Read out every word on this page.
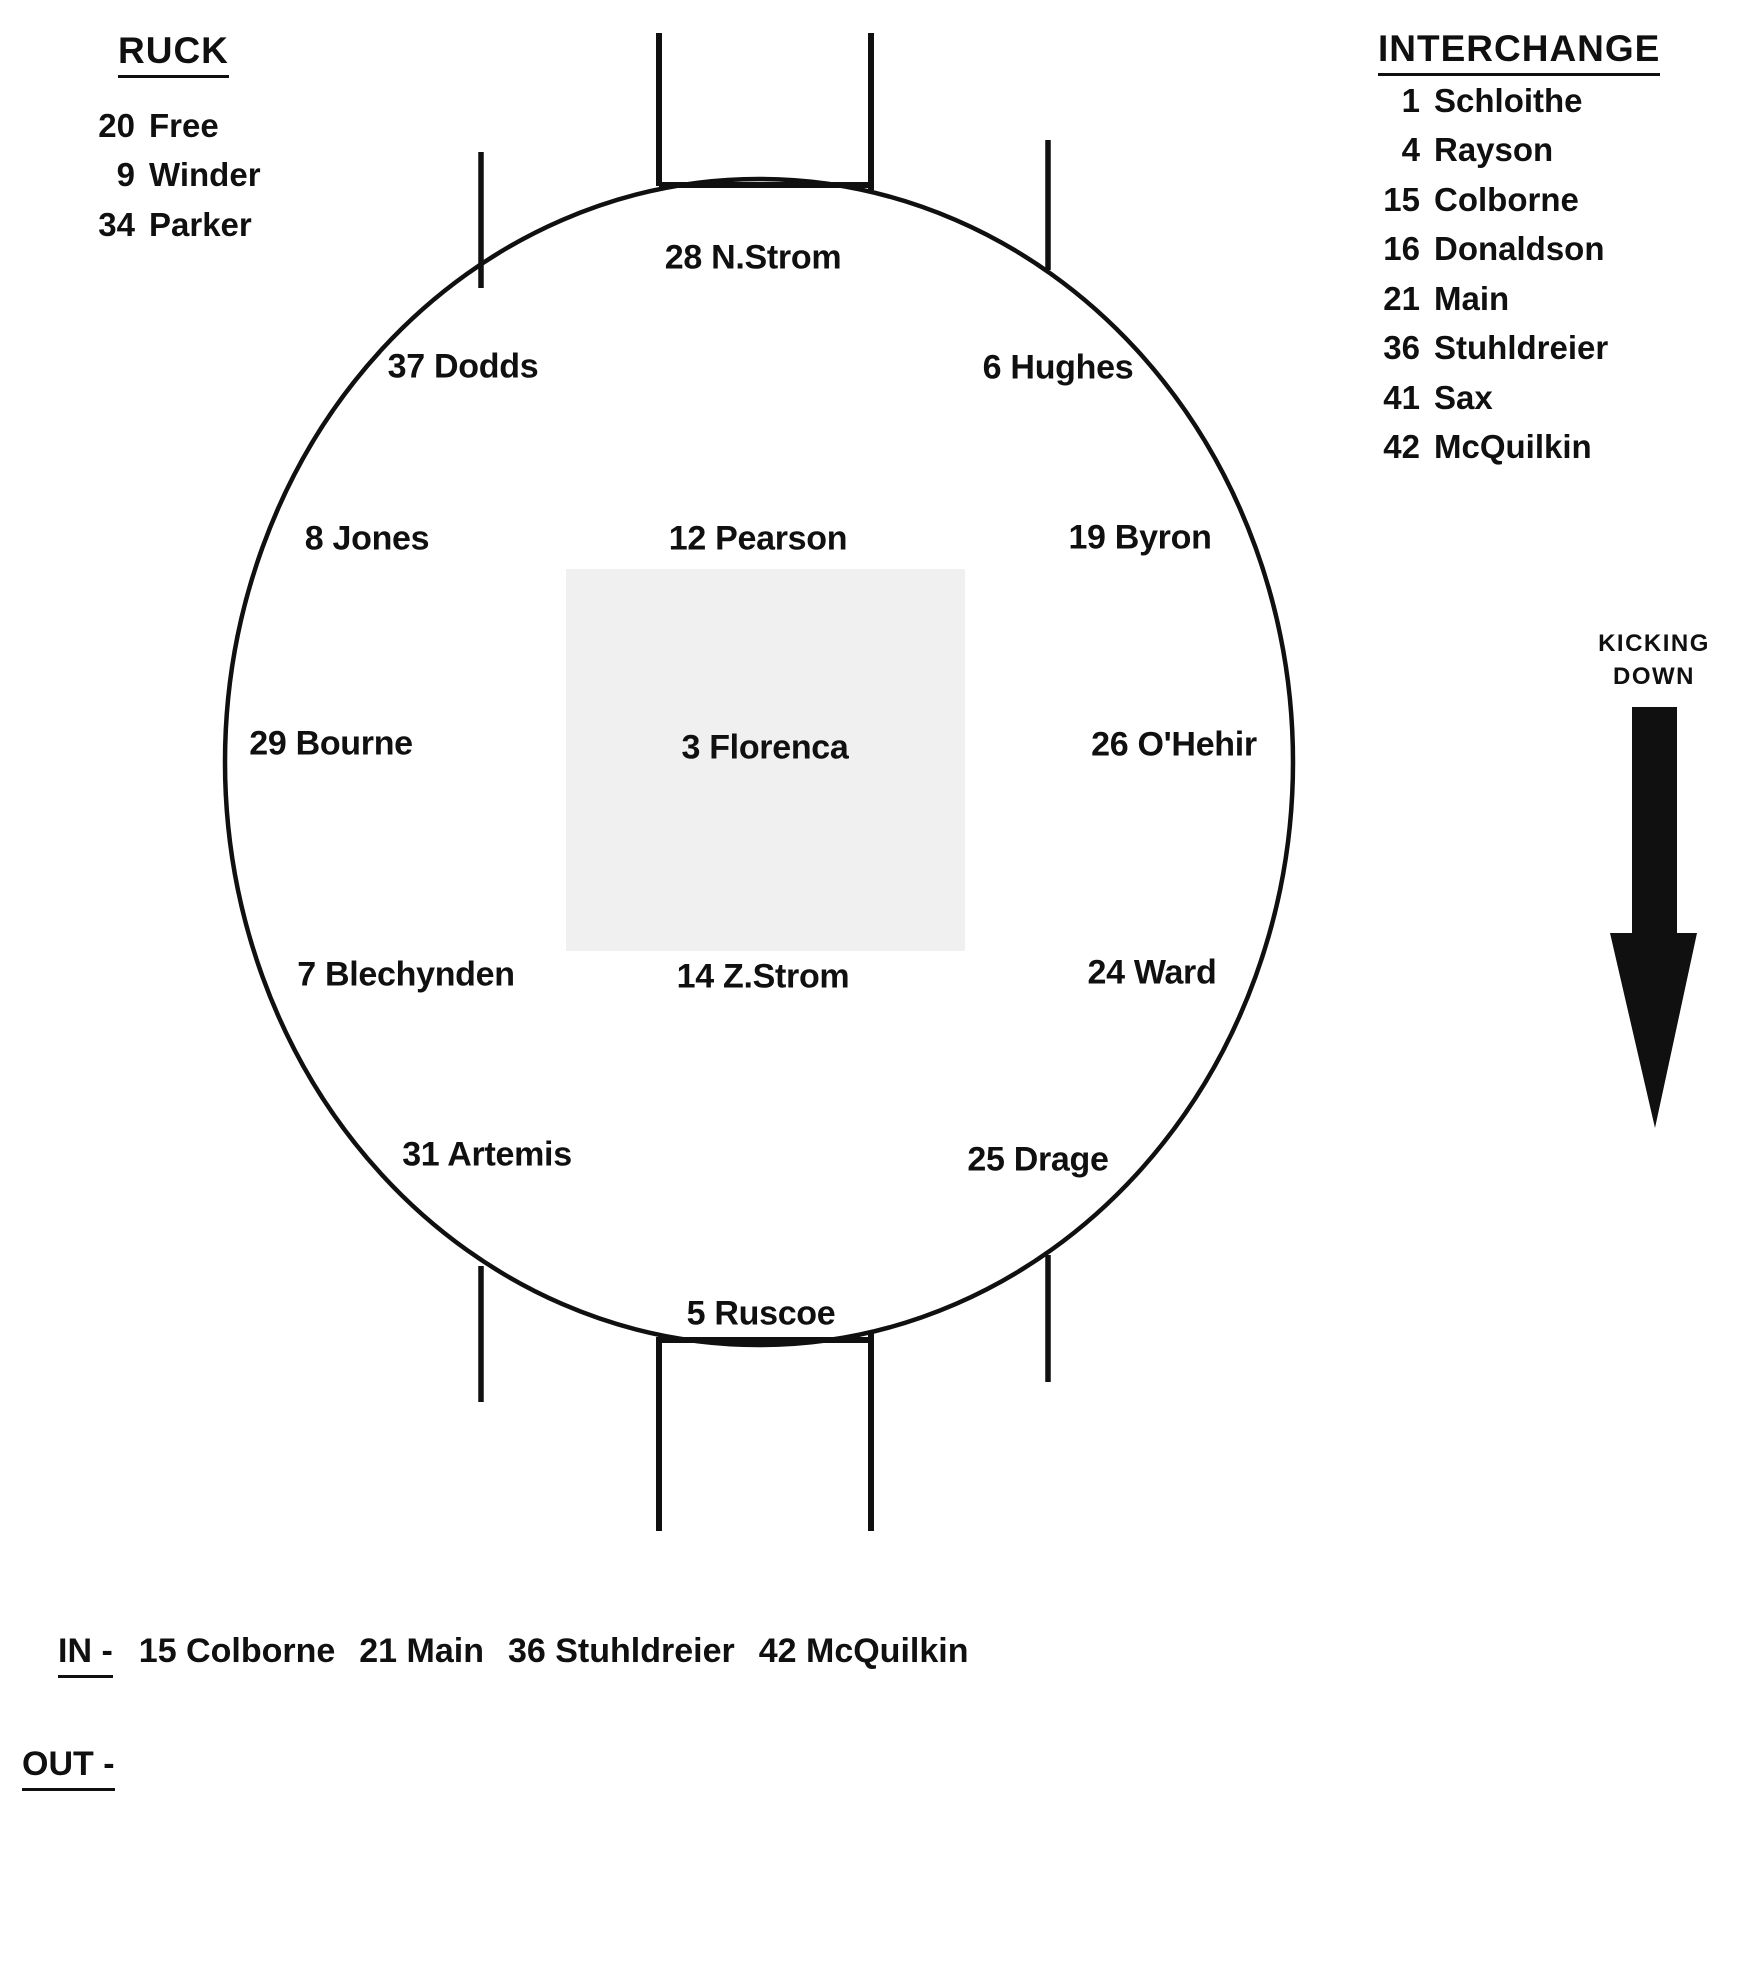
RUCK
20 Free
9 Winder
34 Parker
INTERCHANGE
1 Schloithe
4 Rayson
15 Colborne
16 Donaldson
21 Main
36 Stuhldreier
41 Sax
42 McQuilkin
28 N.Strom
37 Dodds	6 Hughes
8 Jones	12 Pearson	19 Byron
29 Bourne	3 Florenca	26 O'Hehir
7 Blechynden	14 Z.Strom	24 Ward
31 Artemis	25 Drage
5 Ruscoe
KICKING
DOWN
IN - 15 Colborne 21 Main 36 Stuhldreier 42 McQuilkin
OUT -
